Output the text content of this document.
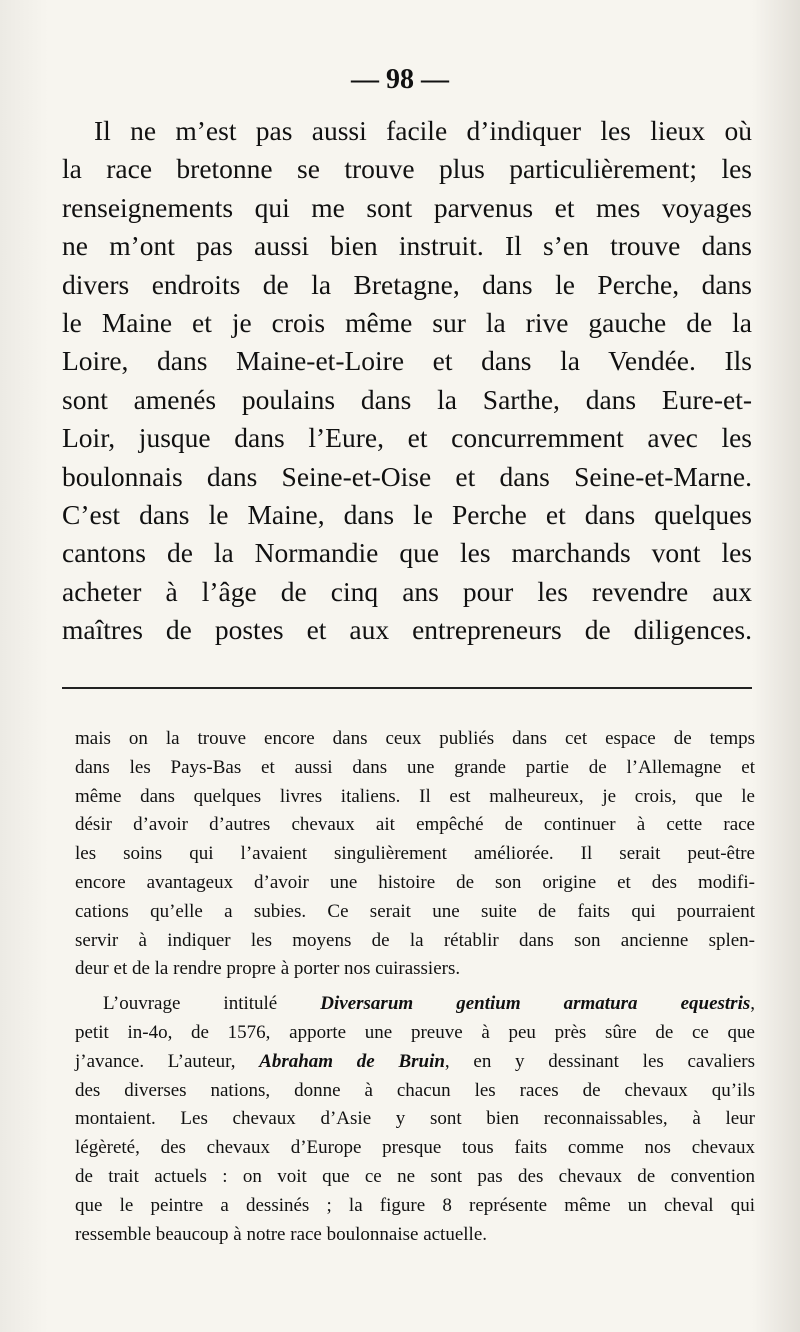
— 98 —
Il ne m’est pas aussi facile d’indiquer les lieux où
la race bretonne se trouve plus particulièrement; les
renseignements qui me sont parvenus et mes voyages
ne m’ont pas aussi bien instruit. Il s’en trouve dans
divers endroits de la Bretagne, dans le Perche, dans
le Maine et je crois même sur la rive gauche de la
Loire, dans Maine-et-Loire et dans la Vendée. Ils
sont amenés poulains dans la Sarthe, dans Eure-et-
Loir, jusque dans l’Eure, et concurremment avec les
boulonnais dans Seine-et-Oise et dans Seine-et-Marne.
C’est dans le Maine, dans le Perche et dans quelques
cantons de la Normandie que les marchands vont les
acheter à l’âge de cinq ans pour les revendre aux
maîtres de postes et aux entrepreneurs de diligences.
mais on la trouve encore dans ceux publiés dans cet espace de temps
dans les Pays-Bas et aussi dans une grande partie de l’Allemagne et
même dans quelques livres italiens. Il est malheureux, je crois, que le
désir d’avoir d’autres chevaux ait empêché de continuer à cette race
les soins qui l’avaient singulièrement améliorée. Il serait peut-être
encore avantageux d’avoir une histoire de son origine et des modifi-
cations qu’elle a subies. Ce serait une suite de faits qui pourraient
servir à indiquer les moyens de la rétablir dans son ancienne splen-
deur et de la rendre propre à porter nos cuirassiers.
L’ouvrage intitulé Diversarum gentium armatura equestris,
petit in-4o, de 1576, apporte une preuve à peu près sûre de ce que
j’avance. L’auteur, Abraham de Bruin, en y dessinant les cavaliers
des diverses nations, donne à chacun les races de chevaux qu’ils
montaient. Les chevaux d’Asie y sont bien reconnaissables, à leur
légèreté, des chevaux d’Europe presque tous faits comme nos chevaux
de trait actuels : on voit que ce ne sont pas des chevaux de convention
que le peintre a dessinés ; la figure 8 représente même un cheval qui
ressemble beaucoup à notre race boulonnaise actuelle.
